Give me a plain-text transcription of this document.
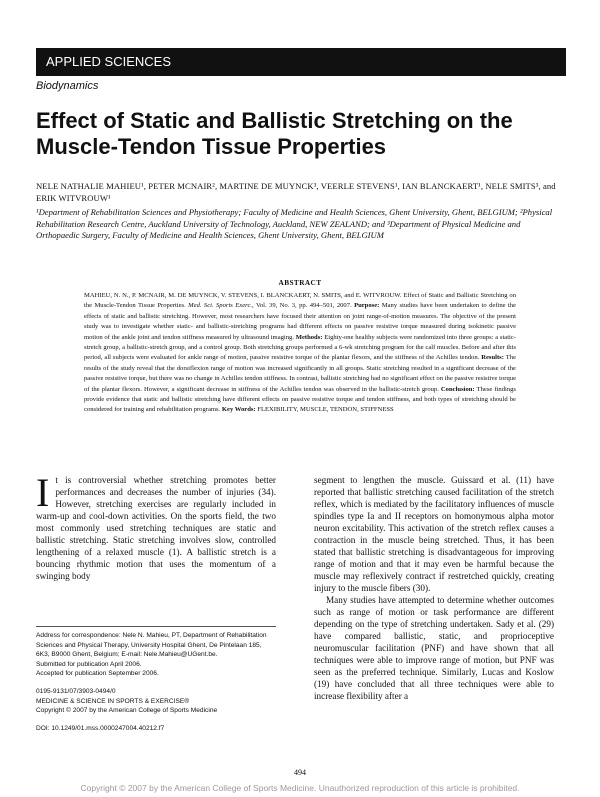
APPLIED SCIENCES
Biodynamics
Effect of Static and Ballistic Stretching on the Muscle-Tendon Tissue Properties
NELE NATHALIE MAHIEU¹, PETER MCNAIR², MARTINE DE MUYNCK³, VEERLE STEVENS¹, IAN BLANCKAERT¹, NELE SMITS³, and ERIK WITVROUW¹
¹Department of Rehabilitation Sciences and Physiotherapy; Faculty of Medicine and Health Sciences, Ghent University, Ghent, BELGIUM; ²Physical Rehabilitation Research Centre, Auckland University of Technology, Auckland, NEW ZEALAND; and ³Department of Physical Medicine and Orthopaedic Surgery, Faculty of Medicine and Health Sciences, Ghent University, Ghent, BELGIUM
ABSTRACT
MAHIEU, N. N., P. MCNAIR, M. DE MUYNCK, V. STEVENS, I. BLANCKAERT, N. SMITS, and E. WITVROUW. Effect of Static and Ballistic Stretching on the Muscle-Tendon Tissue Properties. Med. Sci. Sports Exerc., Vol. 39, No. 3, pp. 494–501, 2007. Purpose: Many studies have been undertaken to define the effects of static and ballistic stretching. However, most researchers have focused their attention on joint range-of-motion measures. The objective of the present study was to investigate whether static- and ballistic-stretching programs had different effects on passive resistive torque measured during isokinetic passive motion of the ankle joint and tendon stiffness measured by ultrasound imaging. Methods: Eighty-one healthy subjects were randomized into three groups: a static-stretch group, a ballistic-stretch group, and a control group. Both stretching groups performed a 6-wk stretching program for the calf muscles. Before and after this period, all subjects were evaluated for ankle range of motion, passive resistive torque of the plantar flexors, and the stiffness of the Achilles tendon. Results: The results of the study reveal that the dorsiflexion range of motion was increased significantly in all groups. Static stretching resulted in a significant decrease of the passive resistive torque, but there was no change in Achilles tendon stiffness. In contrast, ballistic stretching had no significant effect on the passive resistive torque of the plantar flexors. However, a significant decrease in stiffness of the Achilles tendon was observed in the ballistic-stretch group. Conclusion: These findings provide evidence that static and ballistic stretching have different effects on passive resistive torque and tendon stiffness, and both types of stretching should be considered for training and rehabilitation programs. Key Words: FLEXIBILITY, MUSCLE, TENDON, STIFFNESS

It is controversial whether stretching promotes better performances and decreases the number of injuries (34). However, stretching exercises are regularly included in warm-up and cool-down activities. On the sports field, the two most commonly used stretching techniques are static and ballistic stretching. Static stretching involves slow, controlled lengthening of a relaxed muscle (1). A ballistic stretch is a bouncing rhythmic motion that uses the momentum of a swinging body

Address for correspondence: Nele N. Mahieu, PT, Department of Rehabilitation Sciences and Physical Therapy, University Hospital Ghent, De Pintelaan 185, 6K3, B9000 Ghent, Belgium; E-mail: Nele.Mahieu@UGent.be.
Submitted for publication April 2006.
Accepted for publication September 2006.
0195-9131/07/3903-0494/0
MEDICINE & SCIENCE IN SPORTS & EXERCISE®
Copyright © 2007 by the American College of Sports Medicine
DOI: 10.1249/01.mss.0000247004.40212.f7

segment to lengthen the muscle. Guissard et al. (11) have reported that ballistic stretching caused facilitation of the stretch reflex, which is mediated by the facilitatory influences of muscle spindles type Ia and II receptors on homonymous alpha motor neuron excitability. This activation of the stretch reflex causes a contraction in the muscle being stretched. Thus, it has been stated that ballistic stretching is disadvantageous for improving range of motion and that it may even be harmful because the muscle may reflexively contract if restretched quickly, creating injury to the muscle fibers (30).

Many studies have attempted to determine whether outcomes such as range of motion or task performance are different depending on the type of stretching undertaken. Sady et al. (29) have compared ballistic, static, and proprioceptive neuromuscular facilitation (PNF) and have shown that all techniques were able to improve range of motion, but PNF was seen as the preferred technique. Similarly, Lucas and Koslow (19) have concluded that all three techniques were able to increase flexibility after a

494
Copyright © 2007 by the American College of Sports Medicine. Unauthorized reproduction of this article is prohibited.
